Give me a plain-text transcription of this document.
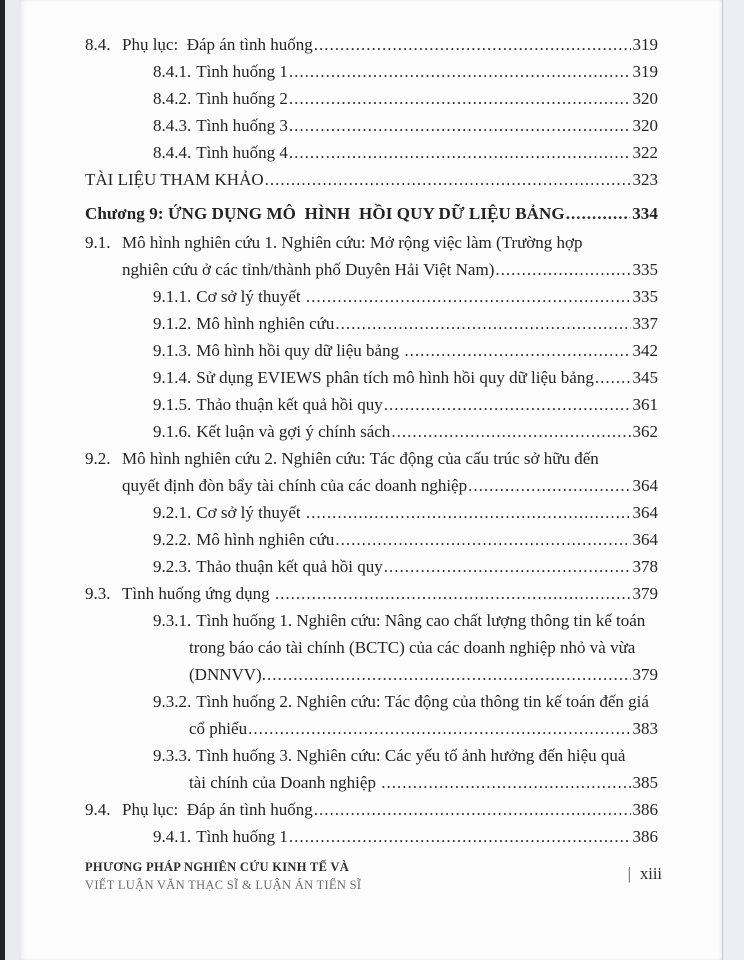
8.4. Phụ lục:  Đáp án tình huống .....	319
8.4.1. Tình huống 1 .....	319
8.4.2. Tình huống 2 .....	320
8.4.3. Tình huống 3 .....	320
8.4.4. Tình huống 4 .....	322
TÀI LIỆU THAM KHẢO .....	323
Chương 9: ỨNG DỤNG MÔ  HÌNH  HỒI QUY DỮ LIỆU BẢNG .....	334
9.1. Mô hình nghiên cứu 1. Nghiên cứu: Mở rộng việc làm (Trường hợp
nghiên cứu ở các tỉnh/thành phố Duyên Hải Việt Nam) .....	335
9.1.1. Cơ sở lý thuyết .....	335
9.1.2. Mô hình nghiên cứu .....	337
9.1.3. Mô hình hồi quy dữ liệu bảng .....	342
9.1.4. Sử dụng EVIEWS phân tích mô hình hồi quy dữ liệu bảng ..... 345
9.1.5. Thảo thuận kết quả hồi quy .....	361
9.1.6. Kết luận và gợi ý chính sách .....	362
9.2. Mô hình nghiên cứu 2. Nghiên cứu: Tác động của cấu trúc sở hữu đến
quyết định đòn bẩy tài chính của các doanh nghiệp .....	364
9.2.1. Cơ sở lý thuyết .....	364
9.2.2. Mô hình nghiên cứu .....	364
9.2.3. Thảo thuận kết quả hồi quy .....	378
9.3. Tình huống ứng dụng .....	379
9.3.1. Tình huống 1. Nghiên cứu: Nâng cao chất lượng thông tin kế toán
trong báo cáo tài chính (BCTC) của các doanh nghiệp nhỏ và vừa
(DNNVV). .....	379
9.3.2. Tình huống 2. Nghiên cứu: Tác động của thông tin kế toán đến giá
cổ phiếu .....	383
9.3.3. Tình huống 3. Nghiên cứu: Các yếu tố ảnh hưởng đến hiệu quả
tài chính của Doanh nghiệp .....	385
9.4. Phụ lục:  Đáp án tình huống .....	386
9.4.1. Tình huống 1 .....	386
PHƯƠNG PHÁP NGHIÊN CỨU KINH TẾ VÀ
VIẾT LUẬN VĂN THẠC SĨ & LUẬN ÁN TIẾN SĨ
| xiii
